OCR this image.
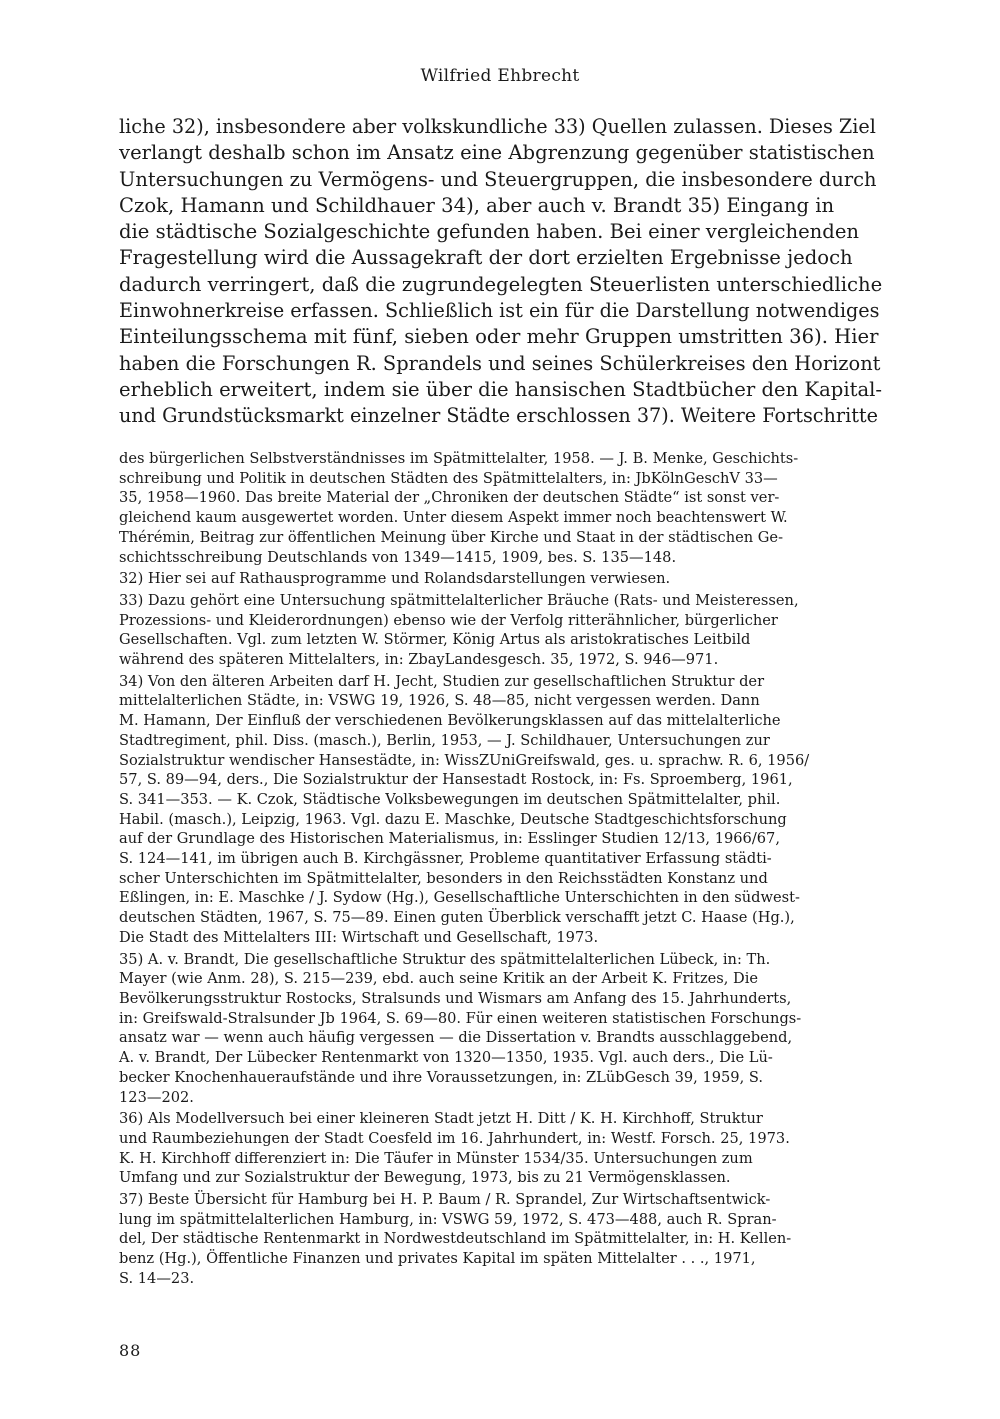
Wilfried Ehbrecht
liche 32), insbesondere aber volkskundliche 33) Quellen zulassen. Dieses Ziel
verlangt deshalb schon im Ansatz eine Abgrenzung gegenüber statistischen
Untersuchungen zu Vermögens- und Steuergruppen, die insbesondere durch
Czok, Hamann und Schildhauer 34), aber auch v. Brandt 35) Eingang in
die städtische Sozialgeschichte gefunden haben. Bei einer vergleichenden
Fragestellung wird die Aussagekraft der dort erzielten Ergebnisse jedoch
dadurch verringert, daß die zugrundegelegten Steuerlisten unterschiedliche
Einwohnerkreise erfassen. Schließlich ist ein für die Darstellung notwendiges
Einteilungsschema mit fünf, sieben oder mehr Gruppen umstritten 36). Hier
haben die Forschungen R. Sprandels und seines Schülerkreises den Horizont
erheblich erweitert, indem sie über die hansischen Stadtbücher den Kapital-
und Grundstücksmarkt einzelner Städte erschlossen 37). Weitere Fortschritte

des bürgerlichen Selbstverständnisses im Spätmittelalter, 1958. — J. B. Menke, Geschichts-
schreibung und Politik in deutschen Städten des Spätmittelalters, in: JbKölnGeschV 33—
35, 1958—1960. Das breite Material der „Chroniken der deutschen Städte“ ist sonst ver-
gleichend kaum ausgewertet worden. Unter diesem Aspekt immer noch beachtenswert W.
Thérémin, Beitrag zur öffentlichen Meinung über Kirche und Staat in der städtischen Ge-
schichtsschreibung Deutschlands von 1349—1415, 1909, bes. S. 135—148.

32) Hier sei auf Rathausprogramme und Rolandsdarstellungen verwiesen.

33) Dazu gehört eine Untersuchung spätmittelalterlicher Bräuche (Rats- und Meisteressen,
Prozessions- und Kleiderordnungen) ebenso wie der Verfolg ritterähnlicher, bürgerlicher
Gesellschaften. Vgl. zum letzten W. Störmer, König Artus als aristokratisches Leitbild
während des späteren Mittelalters, in: ZbayLandesgesch. 35, 1972, S. 946—971.

34) Von den älteren Arbeiten darf H. Jecht, Studien zur gesellschaftlichen Struktur der
mittelalterlichen Städte, in: VSWG 19, 1926, S. 48—85, nicht vergessen werden. Dann
M. Hamann, Der Einfluß der verschiedenen Bevölkerungsklassen auf das mittelalterliche
Stadtregiment, phil. Diss. (masch.), Berlin, 1953, — J. Schildhauer, Untersuchungen zur
Sozialstruktur wendischer Hansestädte, in: WissZUniGreifswald, ges. u. sprachw. R. 6, 1956/
57, S. 89—94, ders., Die Sozialstruktur der Hansestadt Rostock, in: Fs. Sproemberg, 1961,
S. 341—353. — K. Czok, Städtische Volksbewegungen im deutschen Spätmittelalter, phil.
Habil. (masch.), Leipzig, 1963. Vgl. dazu E. Maschke, Deutsche Stadtgeschichtsforschung
auf der Grundlage des Historischen Materialismus, in: Esslinger Studien 12/13, 1966/67,
S. 124—141, im übrigen auch B. Kirchgässner, Probleme quantitativer Erfassung städti-
scher Unterschichten im Spätmittelalter, besonders in den Reichsstädten Konstanz und
Eßlingen, in: E. Maschke / J. Sydow (Hg.), Gesellschaftliche Unterschichten in den südwest-
deutschen Städten, 1967, S. 75—89. Einen guten Überblick verschafft jetzt C. Haase (Hg.),
Die Stadt des Mittelalters III: Wirtschaft und Gesellschaft, 1973.

35) A. v. Brandt, Die gesellschaftliche Struktur des spätmittelalterlichen Lübeck, in: Th.
Mayer (wie Anm. 28), S. 215—239, ebd. auch seine Kritik an der Arbeit K. Fritzes, Die
Bevölkerungsstruktur Rostocks, Stralsunds und Wismars am Anfang des 15. Jahrhunderts,
in: Greifswald-Stralsunder Jb 1964, S. 69—80. Für einen weiteren statistischen Forschungs-
ansatz war — wenn auch häufig vergessen — die Dissertation v. Brandts ausschlaggebend,
A. v. Brandt, Der Lübecker Rentenmarkt von 1320—1350, 1935. Vgl. auch ders., Die Lü-
becker Knochenhaueraufstände und ihre Voraussetzungen, in: ZLübGesch 39, 1959, S.
123—202.

36) Als Modellversuch bei einer kleineren Stadt jetzt H. Ditt / K. H. Kirchhoff, Struktur
und Raumbeziehungen der Stadt Coesfeld im 16. Jahrhundert, in: Westf. Forsch. 25, 1973.
K. H. Kirchhoff differenziert in: Die Täufer in Münster 1534/35. Untersuchungen zum
Umfang und zur Sozialstruktur der Bewegung, 1973, bis zu 21 Vermögensklassen.

37) Beste Übersicht für Hamburg bei H. P. Baum / R. Sprandel, Zur Wirtschaftsentwick-
lung im spätmittelalterlichen Hamburg, in: VSWG 59, 1972, S. 473—488, auch R. Spran-
del, Der städtische Rentenmarkt in Nordwestdeutschland im Spätmittelalter, in: H. Kellen-
benz (Hg.), Öffentliche Finanzen und privates Kapital im späten Mittelalter . . ., 1971,
S. 14—23.

88
